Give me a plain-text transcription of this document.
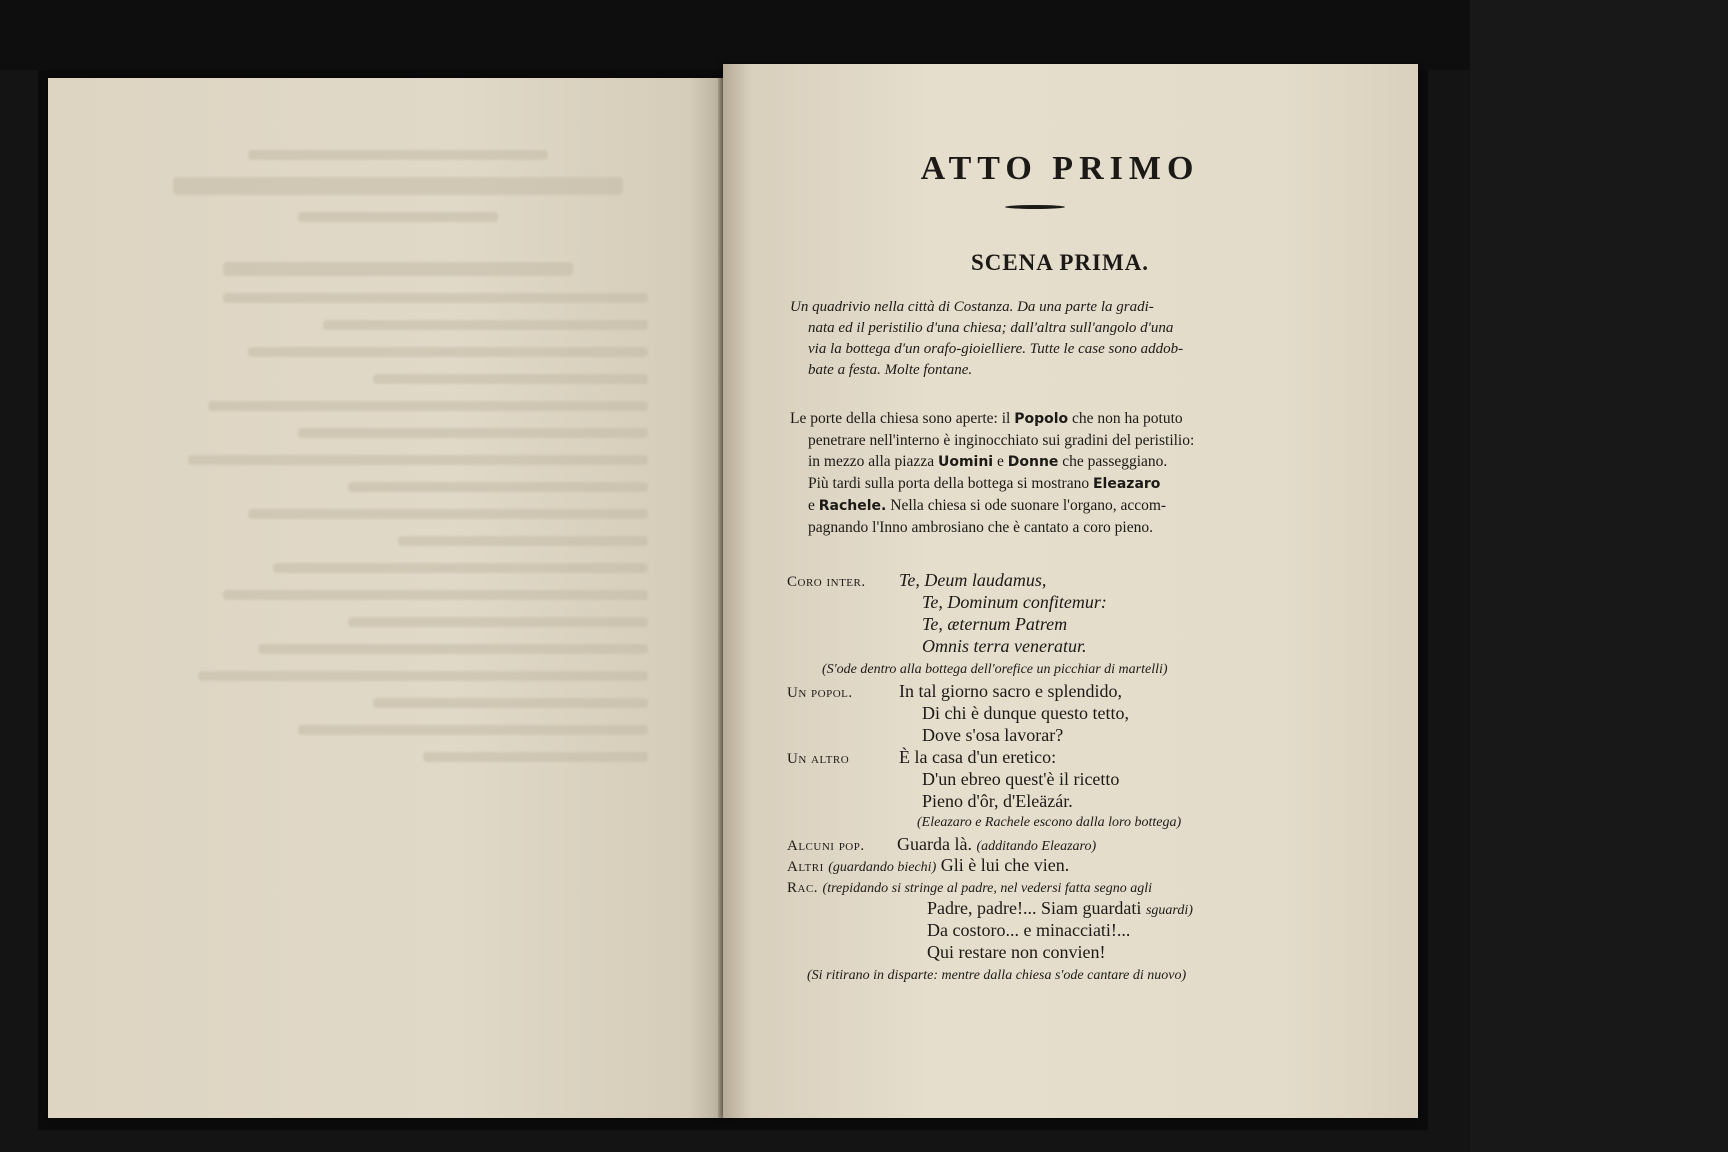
ATTO PRIMO
SCENA PRIMA.

Un quadrivio nella città di Costanza. Da una parte la gradi-

nata ed il peristilio d'una chiesa; dall'altra sull'angolo d'una

via la bottega d'un orafo-gioielliere. Tutte le case sono addob-

bate a festa. Molte fontane.

Le porte della chiesa sono aperte: il Popolo che non ha potuto
penetrare nell'interno è inginocchiato sui gradini del peristilio:
in mezzo alla piazza Uomini e Donne che passeggiano.
Più tardi sulla porta della bottega si mostrano Eleazaro
e Rachele. Nella chiesa si ode suonare l'organo, accom-
pagnando l'Inno ambrosiano che è cantato a coro pieno.
Coro inter. Te, Deum laudamus,
Te, Dominum confitemur:
Te, æternum Patrem
Omnis terra veneratur.
(S'ode dentro alla bottega dell'orefice un picchiar di martelli)
Un popol.	In tal giorno sacro e splendido,
Di chi è dunque questo tetto,
Dove s'osa lavorar?
Un altro	È la casa d'un eretico:
D'un ebreo quest'è il ricetto
Pieno d'ôr, d'Eleäzár.
(Eleazaro e Rachele escono dalla loro bottega)
Alcuni pop. Guarda là. (additando Eleazaro)
Altri (guardando biechi) Gli è lui che vien.
Rac. (trepidando si stringe al padre, nel vedersi fatta segno agli
Padre, padre!... Siam guardati sguardi)
Da costoro... e minacciati!...
Qui restare non convien!
(Si ritirano in disparte: mentre dalla chiesa s'ode cantare di nuovo)
